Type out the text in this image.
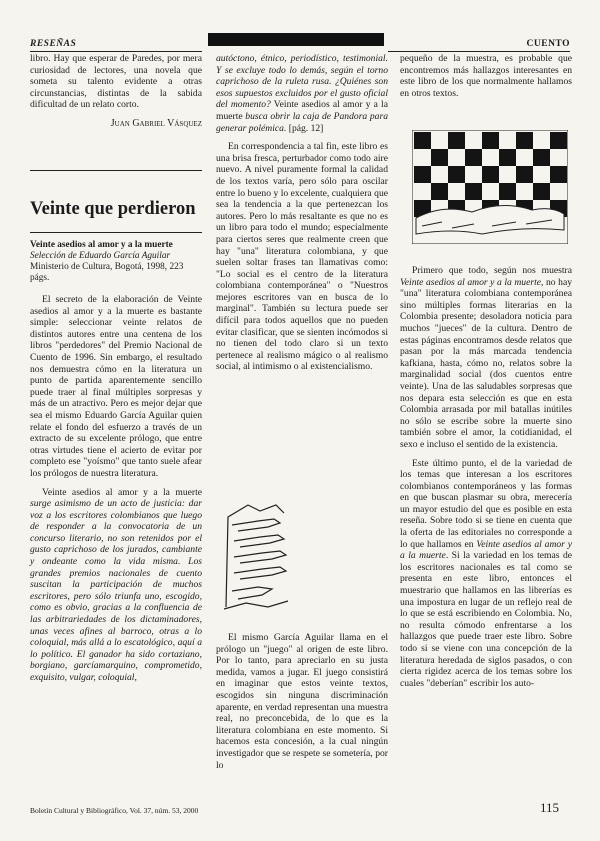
RESEÑAS	CUENTO

libro. Hay que esperar de Paredes, por mera curiosidad de lectores, una novela que someta su talento evidente a otras circunstancias, distintas de la sabida dificultad de un relato corto.

Juan Gabriel Vásquez

Veinte que perdieron
Veinte asedios al amor y a la muerte
Selección de Eduardo García Aguilar
Ministerio de Cultura, Bogotá, 1998, 223 págs.

El secreto de la elaboración de Veinte asedios al amor y a la muerte es bastante simple: seleccionar veinte relatos de distintos autores entre una centena de los libros "perdedores" del Premio Nacional de Cuento de 1996. Sin embargo, el resultado nos demuestra cómo en la literatura un punto de partida aparentemente sencillo puede traer al final múltiples sorpresas y más de un atractivo. Pero es mejor dejar que sea el mismo Eduardo García Aguilar quien relate el fondo del esfuerzo a través de un extracto de su excelente prólogo, que entre otras virtudes tiene el acierto de evitar por completo ese "yoísmo" que tanto suele afear los prólogos de nuestra literatura.

Veinte asedios al amor y a la muerte surge asimismo de un acto de justicia: dar voz a los escritores colombianos que luego de responder a la convocatoria de un concurso literario, no son retenidos por el gusto caprichoso de los jurados, cambiante y ondeante como la vida misma. Los grandes premios nacionales de cuento suscitan la participación de muchos escritores, pero sólo triunfa uno, escogido, como es obvio, gracias a la confluencia de las arbitrariedades de los dictaminadores, unas veces afines al barroco, otras a lo coloquial, más allá a lo escatológico, aquí a lo político. El ganador ha sido cortaziano, borgiano, garcíamarquino, comprometido, exquisito, vulgar, coloquial,

autóctono, étnico, periodístico, testimonial. Y se excluye todo lo demás, según el torno caprichoso de la ruleta rusa. ¿Quiénes son esos supuestos excluidos por el gusto oficial del momento? Veinte asedios al amor y a la muerte busca obrir la caja de Pandora para generar polémica. [pág. 12]

En correspondencia a tal fin, este libro es una brisa fresca, perturbador como todo aire nuevo. A nivel puramente formal la calidad de los textos varía, pero sólo para oscilar entre lo bueno y lo excelente, cualquiera que sea la tendencia a la que pertenezcan los autores. Pero lo más resaltante es que no es un libro para todo el mundo; especialmente para ciertos seres que realmente creen que hay "una" literatura colombiana, y que suelen soltar frases tan llamativas como: "Lo social es el centro de la literatura colombiana contemporánea" o "Nuestros mejores escritores van en busca de lo marginal". También su lectura puede ser difícil para todos aquellos que no pueden evitar clasificar, que se sienten incómodos si no tienen del todo claro si un texto pertenece al realismo mágico o al realismo social, al intimismo o al existencialismo.

El mismo García Aguilar llama en el prólogo un "juego" al origen de este libro. Por lo tanto, para apreciarlo en su justa medida, vamos a jugar. El juego consistirá en imaginar que estos veinte textos, escogidos sin ninguna discriminación aparente, en verdad representan una muestra real, no preconcebida, de lo que es la literatura colombiana en este momento. Si hacemos esta concesión, a la cual ningún investigador que se respete se sometería, por lo

pequeño de la muestra, es probable que encontremos más hallazgos interesantes en este libro de los que normalmente hallamos en otros textos.

Primero que todo, según nos muestra Veinte asedios al amor y a la muerte, no hay "una" literatura colombiana contemporánea sino múltiples formas literarias en la Colombia presente; desoladora noticia para muchos "jueces" de la cultura. Dentro de estas páginas encontramos desde relatos que pasan por la más marcada tendencia kafkiana, hasta, cómo no, relatos sobre la marginalidad social (dos cuentos entre veinte). Una de las saludables sorpresas que nos depara esta selección es que en esta Colombia arrasada por mil batallas inútiles no sólo se escribe sobre la muerte sino también sobre el amor, la cotidianidad, el sexo e incluso el sentido de la existencia.

Este último punto, el de la variedad de los temas que interesan a los escritores colombianos contemporáneos y las formas en que buscan plasmar su obra, merecería un mayor estudio del que es posible en esta reseña. Sobre todo si se tiene en cuenta que la oferta de las editoriales no corresponde a lo que hallamos en Veinte asedios al amor y a la muerte. Si la variedad en los temas de los escritores nacionales es tal como se presenta en este libro, entonces el muestrario que hallamos en las librerías es una impostura en lugar de un reflejo real de lo que se está escribiendo en Colombia. No, no resulta cómodo enfrentarse a los hallazgos que puede traer este libro. Sobre todo si se viene con una concepción de la literatura heredada de siglos pasados, o con cierta rigidez acerca de los temas sobre los cuales "deberían" escribir los auto-

Boletín Cultural y Bibliográfico, Vol. 37, núm. 53, 2000	115
